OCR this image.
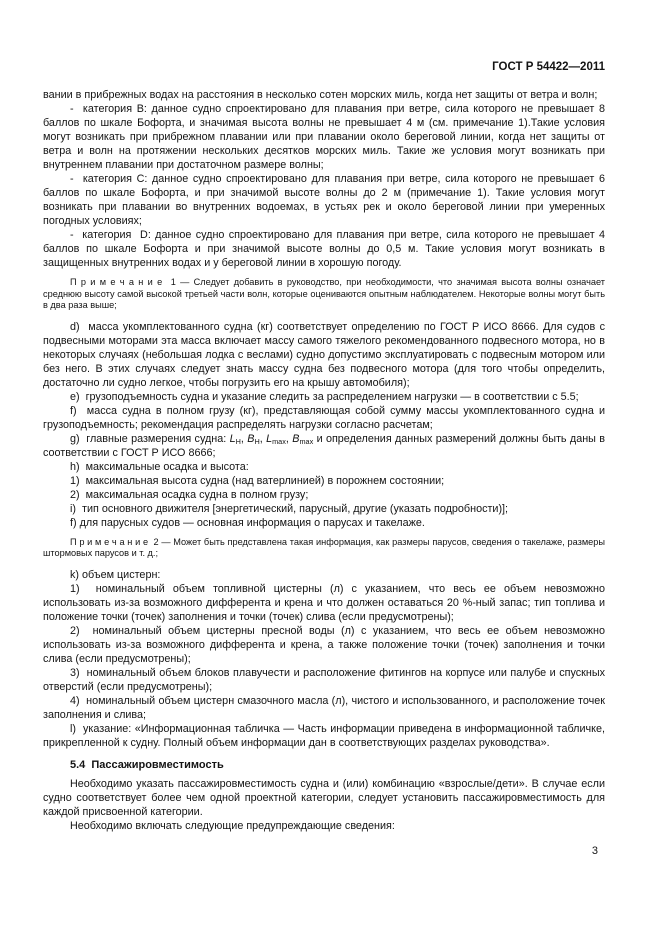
ГОСТ Р 54422—2011

вании в прибрежных водах на расстояния в несколько сотен морских миль, когда нет защиты от ветра и волн;

-  категория В: данное судно спроектировано для плавания при ветре, сила которого не превышает 8 баллов по шкале Бофорта, и значимая высота волны не превышает 4 м (см. примечание 1).Такие условия могут возникать при прибрежном плавании или при плавании около береговой линии, когда нет защиты от ветра и волн на протяжении нескольких десятков морских миль. Такие же условия могут возникать при внутреннем плавании при достаточном размере волны;

-  категория С: данное судно спроектировано для плавания при ветре, сила которого не превышает 6 баллов по шкале Бофорта, и при значимой высоте волны до 2 м (примечание 1). Такие условия могут возникать при плавании во внутренних водоемах, в устьях рек и около береговой линии при умеренных погодных условиях;

-  категория  D: данное судно спроектировано для плавания при ветре, сила которого не превышает 4 баллов по шкале Бофорта и при значимой высоте волны до 0,5 м. Такие условия могут возникать в защищенных внутренних водах и у береговой линии в хорошую погоду.

П р и м е ч а н и е  1 — Следует добавить в руководство, при необходимости, что значимая высота волны означает среднюю высоту самой высокой третьей части волн, которые оцениваются опытным наблюдателем. Некоторые волны могут быть в два раза выше;

d)  масса укомплектованного судна (кг) соответствует определению по ГОСТ Р ИСО 8666. Для судов с подвесными моторами эта масса включает массу самого тяжелого рекомендованного подвесного мотора, но в некоторых случаях (небольшая лодка с веслами) судно допустимо эксплуатировать с подвесным мотором или без него. В этих случаях следует знать массу судна без подвесного мотора (для того чтобы определить, достаточно ли судно легкое, чтобы погрузить его на крышу автомобиля);

e)  грузоподъемность судна и указание следить за распределением нагрузки — в соответствии с 5.5;

f)  масса судна в полном грузу (кг), представляющая собой сумму массы укомплектованного судна и грузоподъемность; рекомендация распределять нагрузки согласно расчетам;

g)  главные размерения судна: $L_Н$, $B_Н$, $L_{max}$, $B_{max}$ и определения данных размерений должны быть даны в соответствии с ГОСТ Р ИСО 8666;

h)  максимальные осадка и высота:

1)  максимальная высота судна (над ватерлинией) в порожнем состоянии;

2)  максимальная осадка судна в полном грузу;

i)  тип основного движителя [энергетический, парусный, другие (указать подробности)];

f) для парусных судов — основная информация о парусах и такелаже.

П р и м е ч а н и е  2 — Может быть представлена такая информация, как размеры парусов, сведения о такелаже, размеры штормовых парусов и т. д.;

k) объем цистерн:

1)  номинальный объем топливной цистерны (л) с указанием, что весь ее объем невозможно использовать из-за возможного дифферента и крена и что должен оставаться 20 %-ный запас; тип топлива и положение точки (точек) заполнения и точки (точек) слива (если предусмотрены);

2)  номинальный объем цистерны пресной воды (л) с указанием, что весь ее объем невозможно использовать из-за возможного дифферента и крена, а также положение точки (точек) заполнения и точки слива (если предусмотрены);

3)  номинальный объем блоков плавучести и расположение фитингов на корпусе или палубе и спускных отверстий (если предусмотрены);

4)  номинальный объем цистерн смазочного масла (л), чистого и использованного, и расположение точек заполнения и слива;

l)  указание: «Информационная табличка — Часть информации приведена в информационной табличке, прикрепленной к судну. Полный объем информации дан в соответствующих разделах руководства».

5.4  Пассажировместимость

Необходимо указать пассажировместимость судна и (или) комбинацию «взрослые/дети». В случае если судно соответствует более чем одной проектной категории, следует установить пассажировместимость для каждой присвоенной категории.

Необходимо включать следующие предупреждающие сведения:

3
